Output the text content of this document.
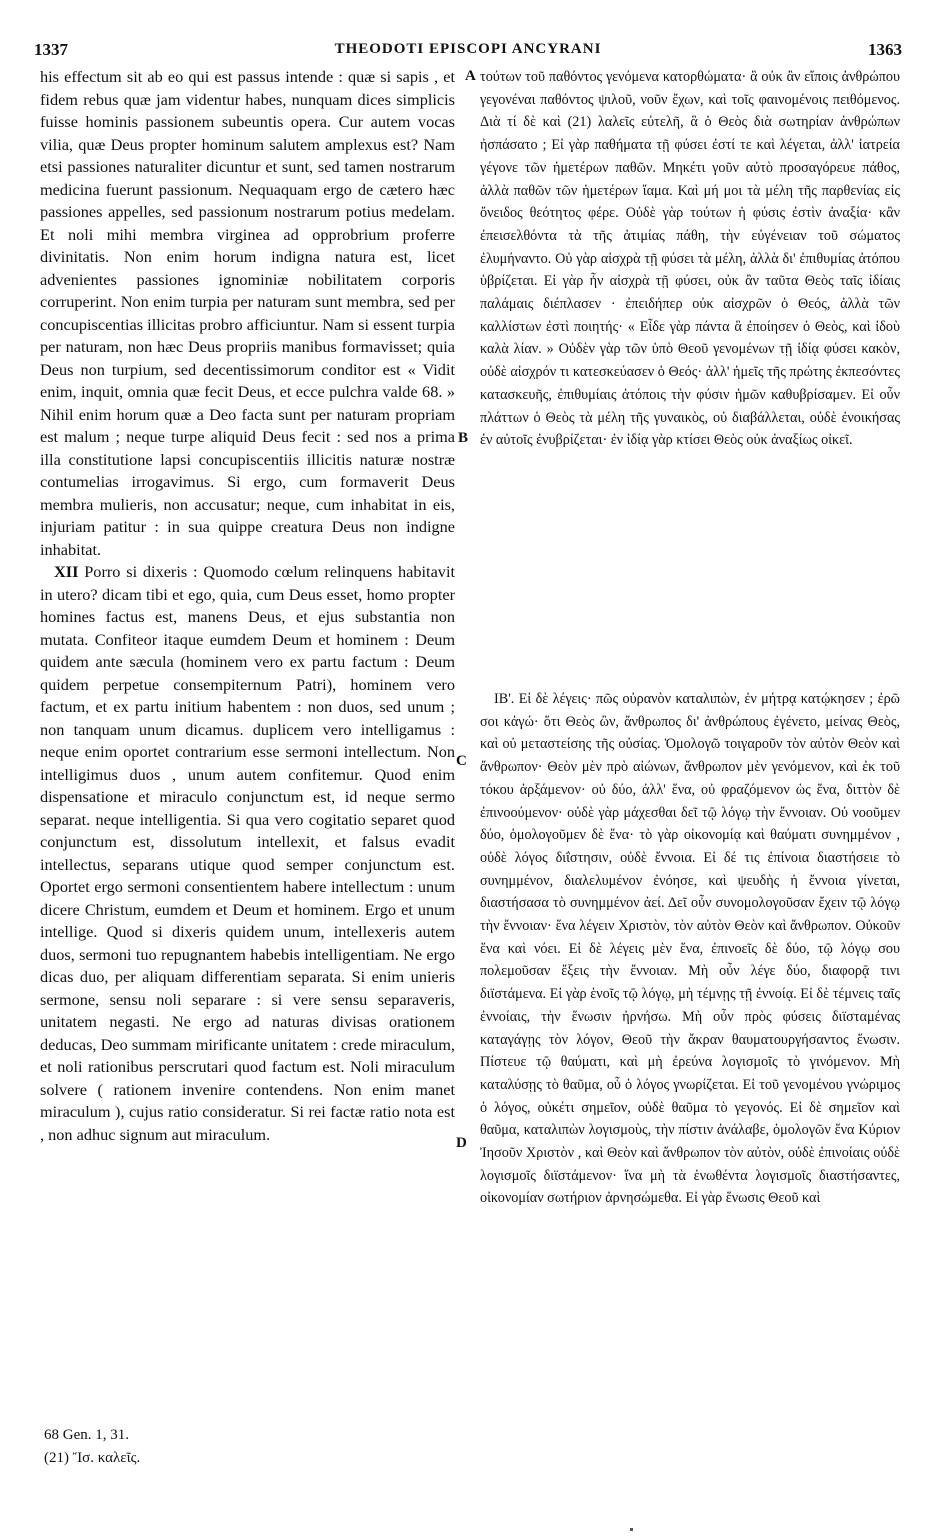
1337	THEODOTI EPISCOPI ANCYRANI	1363

his effectum sit ab eo qui est passus intende : quæ si sapis , et fidem rebus quæ jam videntur habes, nunquam dices simplicis fuisse hominis passionem subeuntis opera. Cur autem vocas vilia, quæ Deus propter hominum salutem amplexus est? Nam etsi passiones naturaliter dicuntur et sunt, sed tamen nostrarum medicina fuerunt passionum. Nequaquam ergo de cætero hæc passiones appelles, sed passionum nostrarum potius medelam. Et noli mihi membra virginea ad opprobrium proferre divinitatis. Non enim horum indigna natura est, licet advenientes passiones ignominiæ nobilitatem corporis corruperint. Non enim turpia per naturam sunt membra, sed per concupiscentias illicitas probro afficiuntur. Nam si essent turpia per naturam, non hæc Deus propriis manibus formavisset; quia Deus non turpium, sed decentissimorum conditor est « Vidit enim, inquit, omnia quæ fecit Deus, et ecce pulchra valde 68. » Nihil enim horum quæ a Deo facta sunt per naturam propriam est malum ; neque turpe aliquid Deus fecit : sed nos a prima illa constitutione lapsi concupiscentiis illicitis naturæ nostræ contumelias irrogavimus. Si ergo, cum formaverit Deus membra mulieris, non accusatur; neque, cum inhabitat in eis, injuriam patitur : in sua quippe creatura Deus non indigne inhabitat.

XII Porro si dixeris : Quomodo cœlum relinquens habitavit in utero? dicam tibi et ego, quia, cum Deus esset, homo propter homines factus est, manens Deus, et ejus substantia non mutata. Confiteor itaque eumdem Deum et hominem : Deum quidem ante sæcula (hominem vero ex partu factum : Deum quidem perpetue consempiternum Patri), hominem vero factum, et ex partu initium habentem : non duos, sed unum ; non tanquam unum dicamus. duplicem vero intelligamus : neque enim oportet contrarium esse sermoni intellectum. Non intelligimus duos , unum autem confitemur. Quod enim dispensatione et miraculo conjunctum est, id neque sermo separat. neque intelligentia. Si qua vero cogitatio separet quod conjunctum est, dissolutum intellexit, et falsus evadit intellectus, separans utique quod semper conjunctum est. Oportet ergo sermoni consentientem habere intellectum : unum dicere Christum, eumdem et Deum et hominem. Ergo et unum intellige. Quod si dixeris quidem unum, intellexeris autem duos, sermoni tuo repugnantem habebis intelligentiam. Ne ergo dicas duo, per aliquam differentiam separata. Si enim unieris sermone, sensu noli separare : si vere sensu separaveris, unitatem negasti. Ne ergo ad naturas divisas orationem deducas, Deo summam mirificante unitatem : crede miraculum, et noli rationibus perscrutari quod factum est. Noli miraculum solvere ( rationem invenire contendens. Non enim manet miraculum ), cujus ratio consideratur. Si rei factæ ratio nota est , non adhuc signum aut miraculum.

τούτων τοῦ παθόντος γενόμενα κατορθώματα· ἃ οὐκ ἂν εἴποις ἀνθρώπου γεγονέναι παθόντος ψιλοῦ, νοῦν ἔχων, καὶ τοῖς φαινομένοις πειθόμενος. Διὰ τί δὲ καὶ (21) λαλεῖς εὐτελῆ, ἃ ὁ Θεὸς διὰ σωτηρίαν ἀνθρώπων ἠσπάσατο ; Εἰ γὰρ παθήματα τῇ φύσει ἐστί τε καὶ λέγεται, ἀλλ' ἰατρεία γέγονε τῶν ἡμετέρων παθῶν. Μηκέτι γοῦν αὐτὸ προσαγόρευε πάθος, ἀλλὰ παθῶν τῶν ἡμετέρων ἴαμα. Καὶ μή μοι τὰ μέλη τῆς παρθενίας εἰς ὄνειδος θεότητος φέρε. Οὐδὲ γὰρ τούτων ἡ φύσις ἐστὶν ἀναξία· κἂν ἐπεισελθόντα τὰ τῆς ἀτιμίας πάθη, τὴν εὐγένειαν τοῦ σώματος ἐλυμήναντο. Οὐ γὰρ αἰσχρὰ τῇ φύσει τὰ μέλη, ἀλλὰ δι' ἐπιθυμίας ἀτόπου ὑβρίζεται. Εἰ γὰρ ἦν αἰσχρὰ τῇ φύσει, οὐκ ἂν ταῦτα Θεὸς ταῖς ἰδίαις παλάμαις διέπλασεν · ἐπειδήπερ οὐκ αἰσχρῶν ὁ Θεός, ἀλλὰ τῶν καλλίστων ἐστὶ ποιητής· « Εἶδε γὰρ πάντα ἃ ἐποίησεν ὁ Θεὸς, καὶ ἰδοὺ καλὰ λίαν. » Οὐδὲν γὰρ τῶν ὑπὸ Θεοῦ γενομένων τῇ ἰδίᾳ φύσει κακὸν, οὐδὲ αἰσχρόν τι κατεσκεύασεν ὁ Θεός· ἀλλ' ἡμεῖς τῆς πρώτης ἐκπεσόντες κατασκευῆς, ἐπιθυμίαις ἀτόποις τὴν φύσιν ἡμῶν καθυβρίσαμεν. Εἰ οὖν πλάττων ὁ Θεὸς τὰ μέλη τῆς γυναικὸς, οὐ διαβάλλεται, οὐδὲ ἐνοικήσας ἐν αὐτοῖς ἐνυβρίζεται· ἐν ἰδίᾳ γὰρ κτίσει Θεὸς οὐκ ἀναξίως οἰκεῖ.

ΙΒ'. Εἰ δὲ λέγεις· πῶς οὐρανὸν καταλιπὼν, ἐν μήτρᾳ κατῴκησεν ; ἐρῶ σοι κἀγώ· ὅτι Θεὸς ὢν, ἄνθρωπος δι' ἀνθρώπους ἐγένετο, μείνας Θεὸς, καὶ οὐ μεταστείσης τῆς οὐσίας. Ὁμολογῶ τοιγαροῦν τὸν αὐτὸν Θεὸν καὶ ἄνθρωπον· Θεὸν μὲν πρὸ αἰώνων, ἄνθρωπον μὲν γενόμενον, καὶ ἐκ τοῦ τόκου ἀρξάμενον· οὐ δύο, ἀλλ' ἕνα, οὐ φραζόμενον ὡς ἕνα, διττὸν δὲ ἐπινοούμενον· οὐδὲ γὰρ μάχεσθαι δεῖ τῷ λόγῳ τὴν ἔννοιαν. Οὐ νοοῦμεν δύο, ὁμολογοῦμεν δὲ ἕνα· τὸ γὰρ οἰκονομίᾳ καὶ θαύματι συνημμένον , οὐδὲ λόγος διΐστησιν, οὐδὲ ἔννοια. Εἰ δέ τις ἐπίνοια διαστήσειε τὸ συνημμένον, διαλελυμένον ἐνόησε, καὶ ψευδὴς ἡ ἔννοια γίνεται, διαστήσασα τὸ συνημμένον ἀεί. Δεῖ οὖν συνομολογοῦσαν ἔχειν τῷ λόγῳ τὴν ἔννοιαν· ἕνα λέγειν Χριστὸν, τὸν αὐτὸν Θεὸν καὶ ἄνθρωπον. Οὐκοῦν ἕνα καὶ νόει. Εἰ δὲ λέγεις μὲν ἕνα, ἐπινοεῖς δὲ δύο, τῷ λόγῳ σου πολεμοῦσαν ἕξεις τὴν ἔννοιαν. Μὴ οὖν λέγε δύο, διαφορᾷ τινι διϊστάμενα. Εἰ γὰρ ἑνοῖς τῷ λόγῳ, μὴ τέμνῃς τῇ ἐννοίᾳ. Εἰ δὲ τέμνεις ταῖς ἐννοίαις, τὴν ἕνωσιν ἠρνήσω. Μὴ οὖν πρὸς φύσεις διϊσταμένας καταγάγῃς τὸν λόγον, Θεοῦ τὴν ἄκραν θαυματουργήσαντος ἕνωσιν. Πίστευε τῷ θαύματι, καὶ μὴ ἐρεύνα λογισμοῖς τὸ γινόμενον. Μὴ καταλύσῃς τὸ θαῦμα, οὗ ὁ λόγος γνωρίζεται. Εἰ τοῦ γενομένου γνώριμος ὁ λόγος, οὐκέτι σημεῖον, οὐδὲ θαῦμα τὸ γεγονός. Εἰ δὲ σημεῖον καὶ θαῦμα, καταλιπὼν λογισμοὺς, τὴν πίστιν ἀνάλαβε, ὁμολογῶν ἕνα Κύριον Ἰησοῦν Χριστὸν , καὶ Θεὸν καὶ ἄνθρωπον τὸν αὐτὸν, οὐδὲ ἐπινοίαις οὐδὲ λογισμοῖς διϊστάμενον· ἵνα μὴ τὰ ἑνωθέντα λογισμοῖς διαστήσαντες, οἰκονομίαν σωτήριον ἀρνησώμεθα. Εἰ γὰρ ἕνωσις Θεοῦ καὶ

A
B
C
D
68 Gen. 1, 31.
(21) Ἴσ. καλεῖς.
